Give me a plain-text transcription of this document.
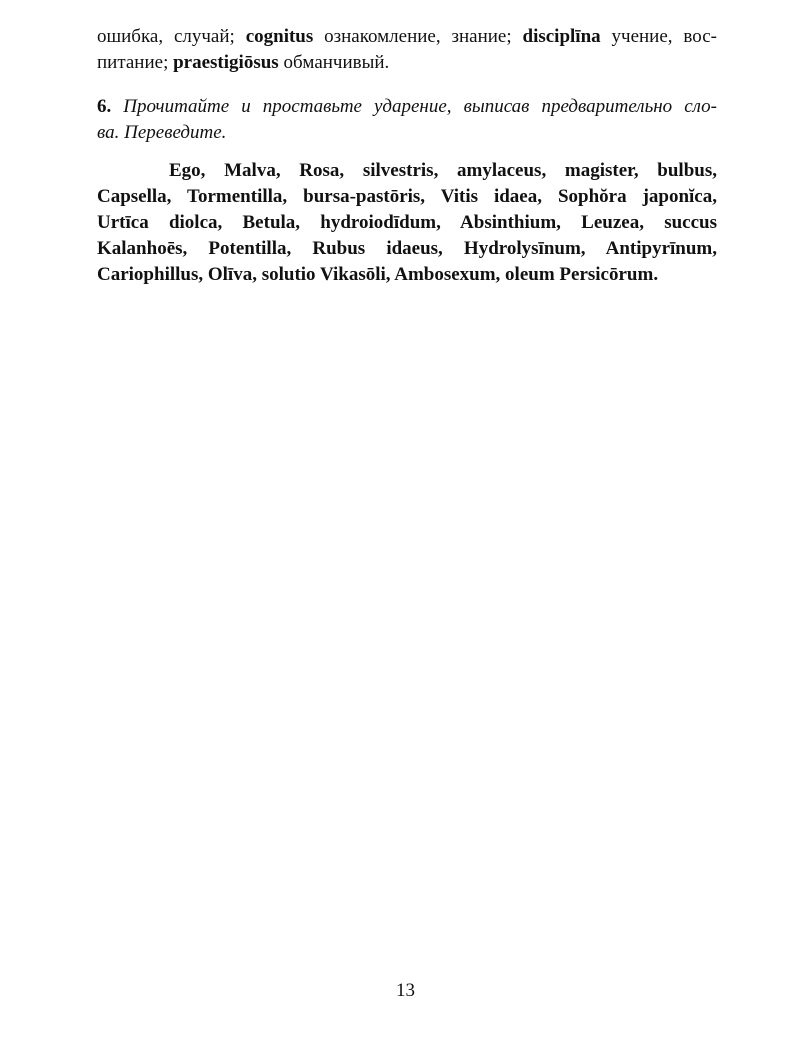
ошибка, случай; cognitus ознакомление, знание; disciplīna учение, вос-
питание; praestigiōsus обманчивый.
6. Прочитайте и проставьте ударение, выписав предварительно сло-
ва. Переведите.
Ego, Malva, Rosa, silvestris, amylaceus, magister, bulbus,
Capsella, Tormentilla, bursa-pastōris, Vitis idaea, Sophŏra japonĭca,
Urtīca diolca, Betula, hydroiodīdum, Absinthium, Leuzea, succus
Kalanhoēs, Potentilla, Rubus idaeus, Hydrolysīnum, Antipyrīnum,
Cariophillus, Olīva, solutio Vikasōli, Ambosexum, oleum Persicōrum.
13
